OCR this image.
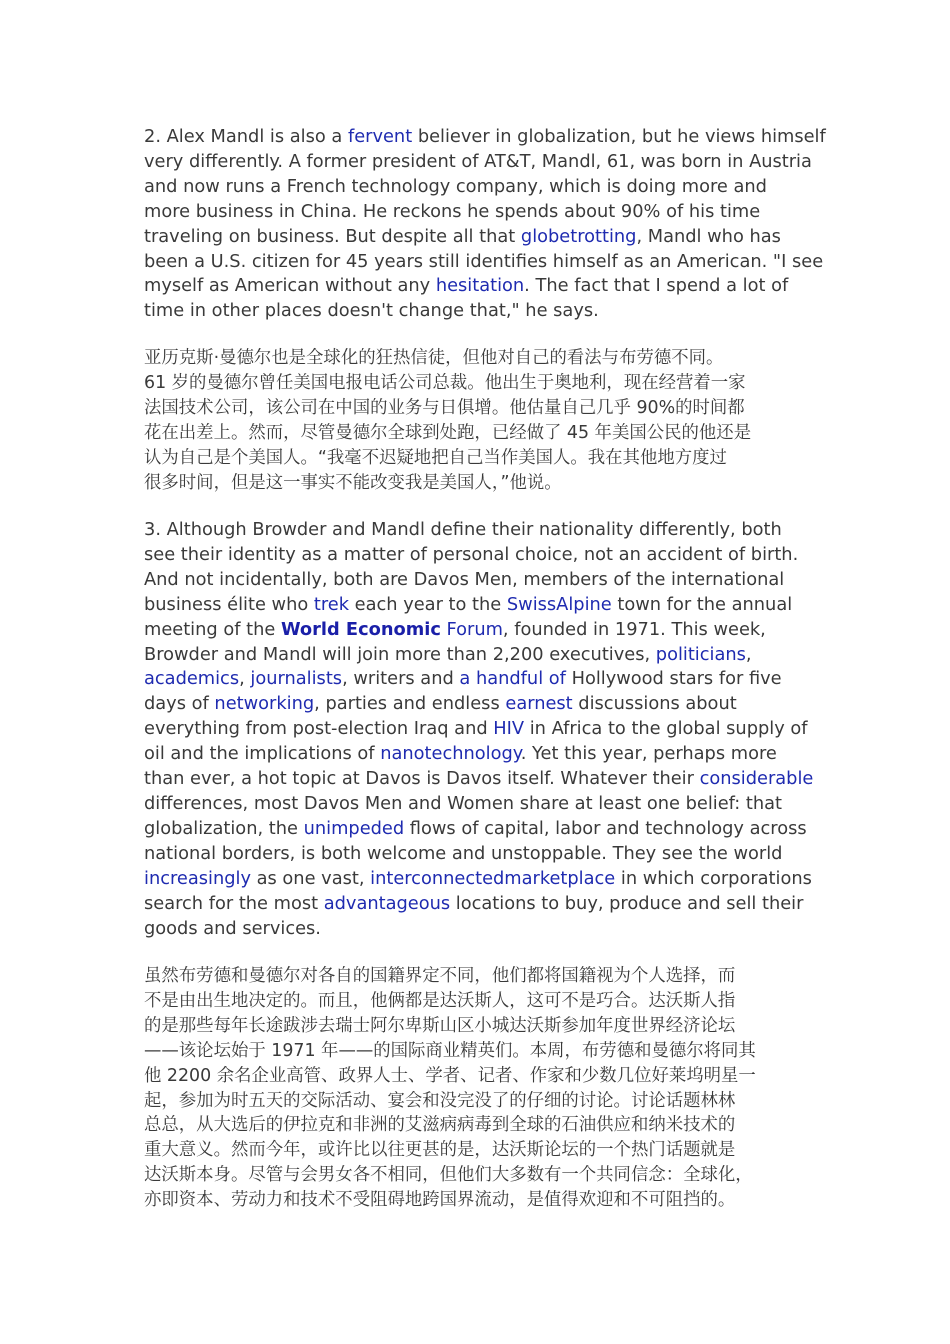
2. Alex Mandl is also a fervent believer in globalization, but he views himself
very differently. A former president of AT&T, Mandl, 61, was born in Austria
and now runs a French technology company, which is doing more and
more business in China. He reckons he spends about 90% of his time
traveling on business. But despite all that globetrotting, Mandl who has
been a U.S. citizen for 45 years still identifies himself as an American. "I see
myself as American without any hesitation. The fact that I spend a lot of
time in other places doesn't change that," he says.
亚历克斯·曼德尔也是全球化的狂热信徒，但他对自己的看法与布劳德不同。
61 岁的曼德尔曾任美国电报电话公司总裁。他出生于奥地利，现在经营着一家
法国技术公司，该公司在中国的业务与日俱增。他估量自己几乎 90%的时间都
花在出差上。然而，尽管曼德尔全球到处跑，已经做了 45 年美国公民的他还是
认为自己是个美国人。“我毫不迟疑地把自己当作美国人。我在其他地方度过
很多时间，但是这一事实不能改变我是美国人，”他说。
3. Although Browder and Mandl define their nationality differently, both
see their identity as a matter of personal choice, not an accident of birth.
And not incidentally, both are Davos Men, members of the international
business élite who trek each year to the SwissAlpine town for the annual
meeting of the World Economic Forum, founded in 1971. This week,
Browder and Mandl will join more than 2,200 executives, politicians,
academics, journalists, writers and a handful of Hollywood stars for five
days of networking, parties and endless earnest discussions about
everything from post-election Iraq and HIV in Africa to the global supply of
oil and the implications of nanotechnology. Yet this year, perhaps more
than ever, a hot topic at Davos is Davos itself. Whatever their considerable
differences, most Davos Men and Women share at least one belief: that
globalization, the unimpeded flows of capital, labor and technology across
national borders, is both welcome and unstoppable. They see the world
increasingly as one vast, interconnectedmarketplace in which corporations
search for the most advantageous locations to buy, produce and sell their
goods and services.
虽然布劳德和曼德尔对各自的国籍界定不同，他们都将国籍视为个人选择，而
不是由出生地决定的。而且，他俩都是达沃斯人，这可不是巧合。达沃斯人指
的是那些每年长途跋涉去瑞士阿尔卑斯山区小城达沃斯参加年度世界经济论坛
——该论坛始于 1971 年——的国际商业精英们。本周，布劳德和曼德尔将同其
他 2200 余名企业高管、政界人士、学者、记者、作家和少数几位好莱坞明星一
起，参加为时五天的交际活动、宴会和没完没了的仔细的讨论。讨论话题林林
总总，从大选后的伊拉克和非洲的艾滋病病毒到全球的石油供应和纳米技术的
重大意义。然而今年，或许比以往更甚的是，达沃斯论坛的一个热门话题就是
达沃斯本身。尽管与会男女各不相同，但他们大多数有一个共同信念：全球化，
亦即资本、劳动力和技术不受阻碍地跨国界流动，是值得欢迎和不可阻挡的。
